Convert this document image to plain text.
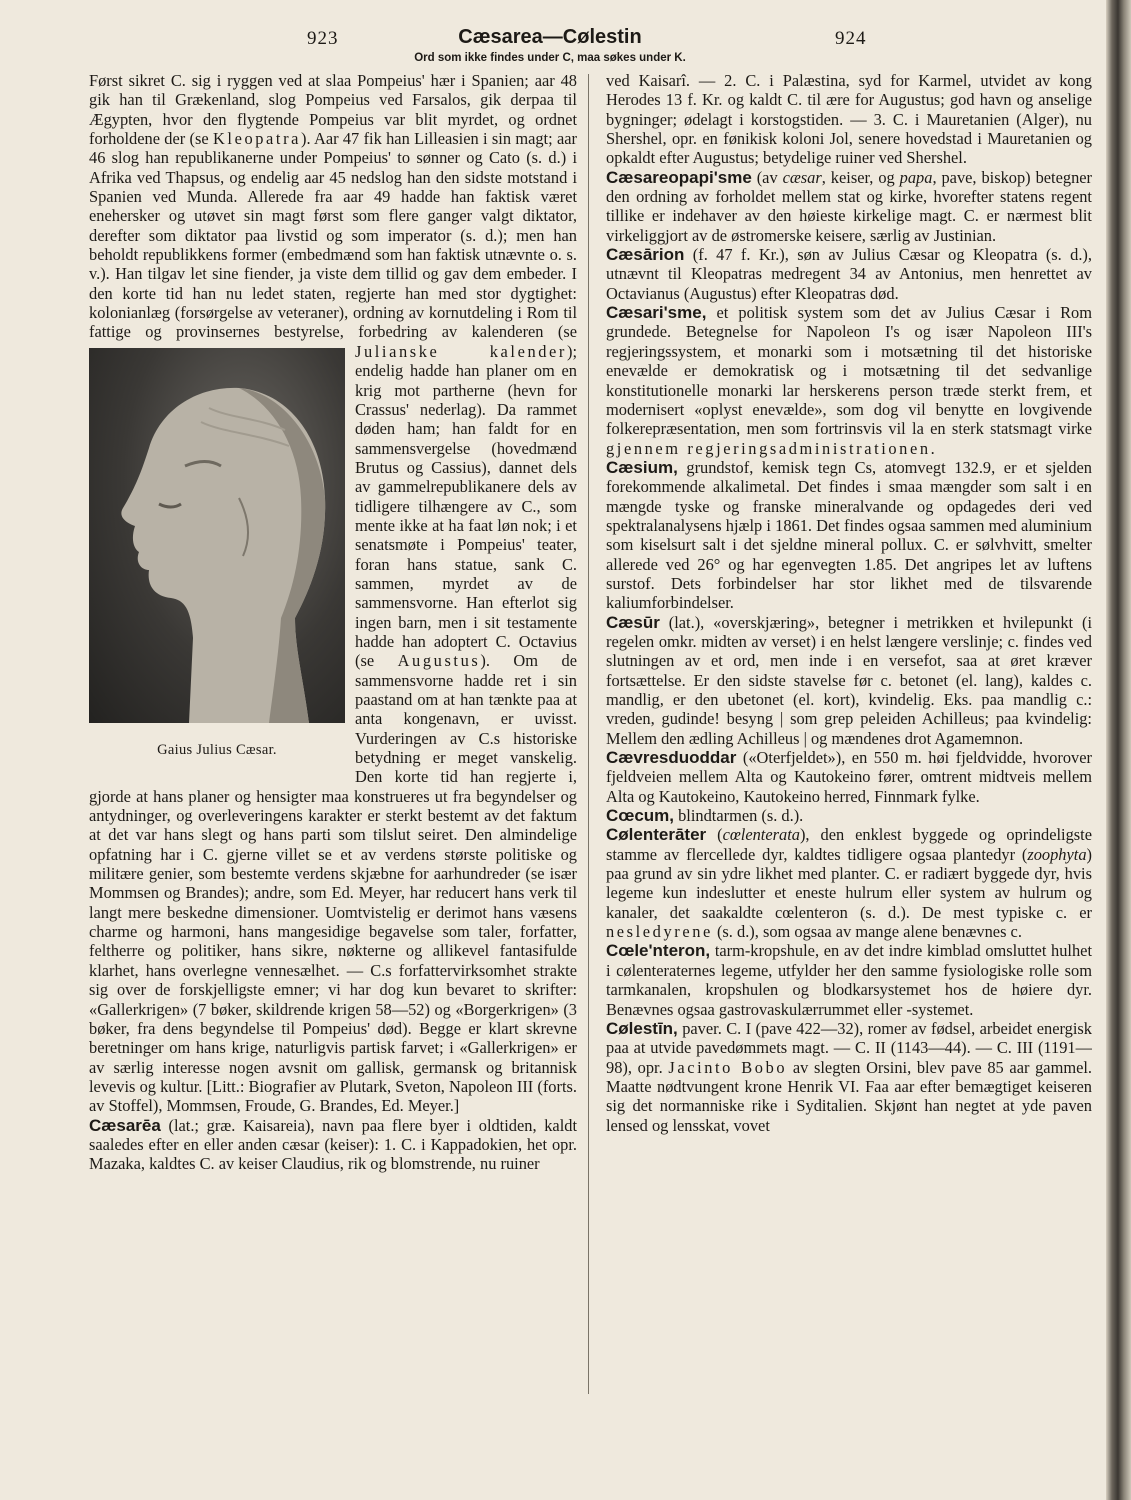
923	Cæsarea—Cølestin	924
Ord som ikke findes under C, maa søkes under K.

Først sikret C. sig i ryggen ved at slaa Pompeius' hær i Spanien; aar 48 gik han til Grækenland, slog Pompeius ved Farsalos, gik derpaa til Ægypten, hvor den flygtende Pompeius var blit myrdet, og ordnet forholdene der (se Kleopatra). Aar 47 fik han Lilleasien i sin magt; aar 46 slog han republikanerne under Pompeius' to sønner og Cato (s. d.) i Afrika ved Thapsus, og endelig aar 45 nedslog han den sidste motstand i Spanien ved Munda. Allerede fra aar 49 hadde han faktisk været enehersker og utøvet sin magt først som flere ganger valgt diktator, derefter som diktator paa livstid og som imperator (s. d.); men han beholdt republikkens former (embedmænd som han faktisk utnævnte o. s. v.). Han tilgav let sine fiender, ja viste dem tillid og gav dem embeder. I den korte tid han nu ledet staten, regjerte han med stor dygtighet: kolonianlæg (forsørgelse av veteraner), ordning av kornutdeling i Rom til fattige og provinsernes bestyrelse, forbedring av kalenderen (se Julianske kalender
Gaius Julius Cæsar.
); endelig hadde han planer om en krig mot partherne (hevn for Crassus' nederlag). Da rammet døden ham; han faldt for en sammensvergelse (hovedmænd Brutus og Cassius), dannet dels av gammelrepublikanere dels av tidligere tilhængere av C., som mente ikke at ha faat løn nok; i et senatsmøte i Pompeius' teater, foran hans statue, sank C. sammen, myrdet av de sammensvorne. Han efterlot sig ingen barn, men i sit testamente hadde han adoptert C. Octavius (se Augustus). Om de sammensvorne hadde ret i sin paastand om at han tænkte paa at anta kongenavn, er uvisst. Vurderingen av C.s historiske betydning er meget vanskelig. Den korte tid han regjerte i, gjorde at hans planer og hensigter maa konstrueres ut fra begyndelser og antydninger, og overleveringens karakter er sterkt bestemt av det faktum at det var hans slegt og hans parti som tilslut seiret. Den almindelige opfatning har i C. gjerne villet se et av verdens største politiske og militære genier, som bestemte verdens skjæbne for aarhundreder (se især Mommsen og Brandes); andre, som Ed. Meyer, har reducert hans verk til langt mere beskedne dimensioner. Uomtvistelig er derimot hans væsens charme og harmoni, hans mangesidige begavelse som taler, forfatter, feltherre og politiker, hans sikre, nøkterne og allikevel fantasifulde klarhet, hans overlegne vennesælhet. — C.s forfattervirksomhet strakte sig over de forskjelligste emner; vi har dog kun bevaret to skrifter: «Gallerkrigen» (7 bøker, skildrende krigen 58—52) og «Borgerkrigen» (3 bøker, fra dens begyndelse til Pompeius' død). Begge er klart skrevne beretninger om hans krige, naturligvis partisk farvet; i «Gallerkrigen» er av særlig interesse nogen avsnit om gallisk, germansk og britannisk levevis og kultur. [Litt.: Biografier av Plutark, Sveton, Napoleon III (forts. av Stoffel), Mommsen, Froude, G. Brandes, Ed. Meyer.]

Cæsarēa (lat.; græ. Kaisareia), navn paa flere byer i oldtiden, kaldt saaledes efter en eller anden cæsar (keiser): 1. C. i Kappadokien, het opr. Mazaka, kaldtes C. av keiser Claudius, rik og blomstrende, nu ruiner

ved Kaisarî. — 2. C. i Palæstina, syd for Karmel, utvidet av kong Herodes 13 f. Kr. og kaldt C. til ære for Augustus; god havn og anselige bygninger; ødelagt i korstogstiden. — 3. C. i Mauretanien (Alger), nu Shershel, opr. en fønikisk koloni Jol, senere hovedstad i Mauretanien og opkaldt efter Augustus; betydelige ruiner ved Shershel.

Cæsareopapi'sme (av cæsar, keiser, og papa, pave, biskop) betegner den ordning av forholdet mellem stat og kirke, hvorefter statens regent tillike er indehaver av den høieste kirkelige magt. C. er nærmest blit virkeliggjort av de østromerske keisere, særlig av Justinian.

Cæsārion (f. 47 f. Kr.), søn av Julius Cæsar og Kleopatra (s. d.), utnævnt til Kleopatras medregent 34 av Antonius, men henrettet av Octavianus (Augustus) efter Kleopatras død.

Cæsari'sme, et politisk system som det av Julius Cæsar i Rom grundede. Betegnelse for Napoleon I's og især Napoleon III's regjeringssystem, et monarki som i motsætning til det historiske enevælde er demokratisk og i motsætning til det sedvanlige konstitutionelle monarki lar herskerens person træde sterkt frem, et modernisert «oplyst enevælde», som dog vil benytte en lovgivende folkerepræsentation, men som fortrinsvis vil la en sterk statsmagt virke gjennem regjeringsadministrationen.

Cæsium, grundstof, kemisk tegn Cs, atomvegt 132.9, er et sjelden forekommende alkalimetal. Det findes i smaa mængder som salt i en mængde tyske og franske mineralvande og opdagedes deri ved spektralanalysens hjælp i 1861. Det findes ogsaa sammen med aluminium som kiselsurt salt i det sjeldne mineral pollux. C. er sølvhvitt, smelter allerede ved 26° og har egenvegten 1.85. Det angripes let av luftens surstof. Dets forbindelser har stor likhet med de tilsvarende kaliumforbindelser.

Cæsūr (lat.), «overskjæring», betegner i metrikken et hvilepunkt (i regelen omkr. midten av verset) i en helst længere verslinje; c. findes ved slutningen av et ord, men inde i en versefot, saa at øret kræver fortsættelse. Er den sidste stavelse før c. betonet (el. lang), kaldes c. mandlig, er den ubetonet (el. kort), kvindelig. Eks. paa mandlig c.: vreden, gudinde! besyng | som grep peleiden Achilleus; paa kvindelig: Mellem den ædling Achilleus | og mændenes drot Agamemnon.

Cævresduoddar («Oterfjeldet»), en 550 m. høi fjeldvidde, hvorover fjeldveien mellem Alta og Kautokeino fører, omtrent midtveis mellem Alta og Kautokeino, Kautokeino herred, Finnmark fylke.

Cœcum, blindtarmen (s. d.).

Cølenterāter (cœlenterata), den enklest byggede og oprindeligste stamme av flercellede dyr, kaldtes tidligere ogsaa plantedyr (zoophyta) paa grund av sin ydre likhet med planter. C. er radiært byggede dyr, hvis legeme kun indeslutter et eneste hulrum eller system av hulrum og kanaler, det saakaldte cœlenteron (s. d.). De mest typiske c. er nesledyrene (s. d.), som ogsaa av mange alene benævnes c.

Cœle'nteron, tarm-kropshule, en av det indre kimblad omsluttet hulhet i cølenteraternes legeme, utfylder her den samme fysiologiske rolle som tarmkanalen, kropshulen og blodkarsystemet hos de høiere dyr. Benævnes ogsaa gastrovaskulærrummet eller -systemet.

Cølestīn, paver. C. I (pave 422—32), romer av fødsel, arbeidet energisk paa at utvide pavedømmets magt. — C. II (1143—44). — C. III (1191—98), opr. Jacinto Bobo av slegten Orsini, blev pave 85 aar gammel. Maatte nødtvungent krone Henrik VI. Faa aar efter bemægtiget keiseren sig det normanniske rike i Syditalien. Skjønt han negtet at yde paven lensed og lensskat, vovet
